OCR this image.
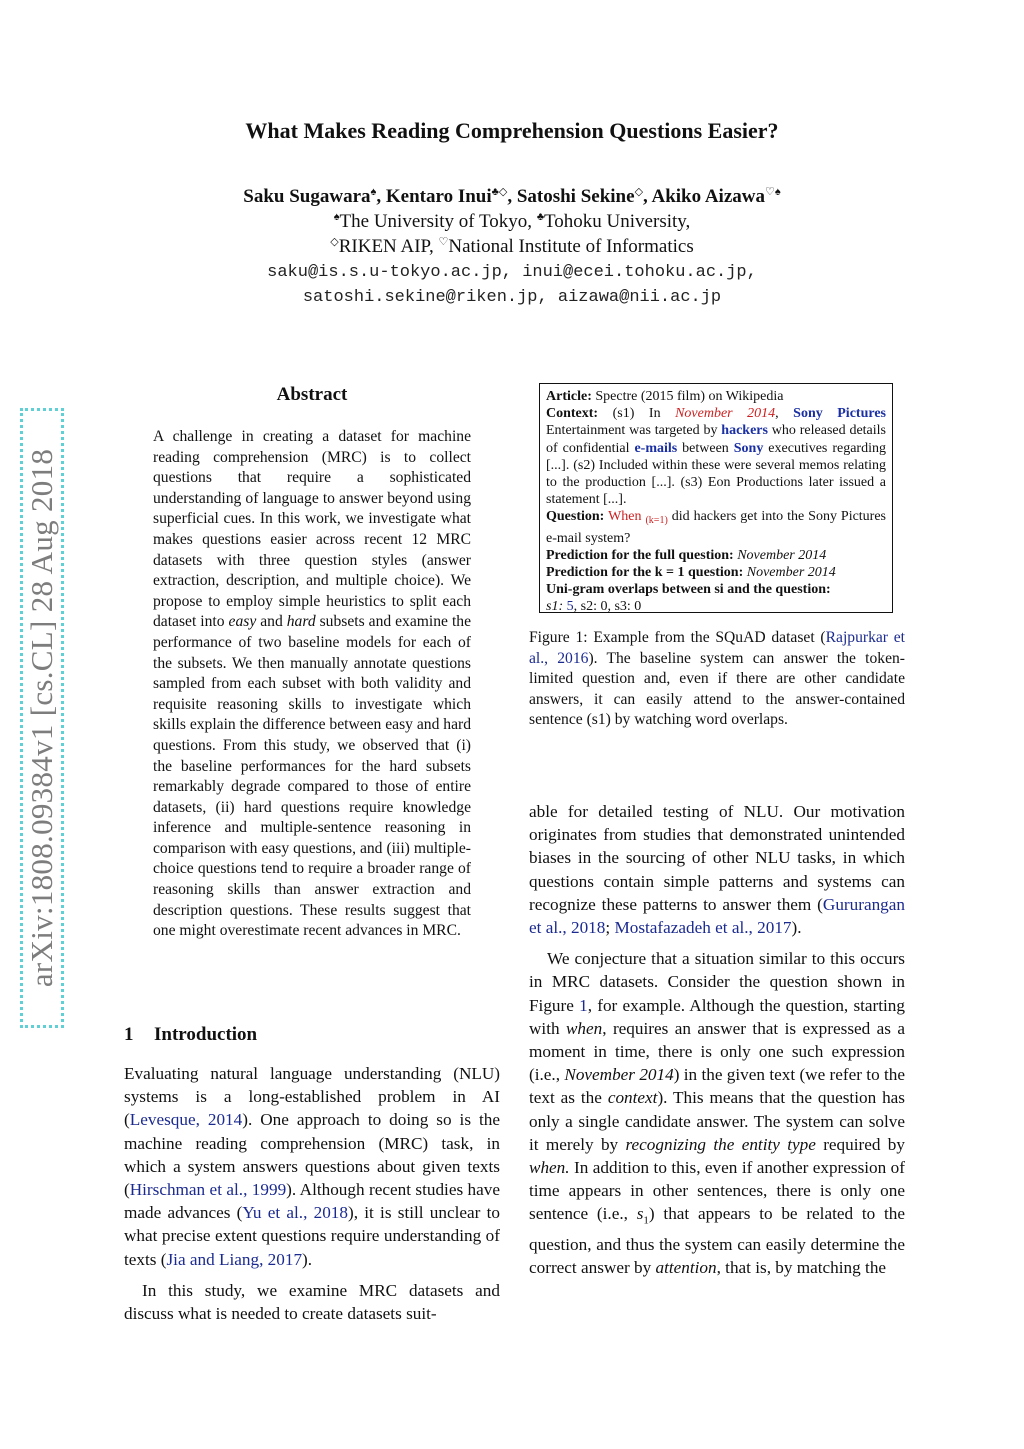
arXiv:1808.09384v1 [cs.CL] 28 Aug 2018
What Makes Reading Comprehension Questions Easier?
Saku Sugawara♠, Kentaro Inui♣◇, Satoshi Sekine◇, Akiko Aizawa♡♠
♠The University of Tokyo, ♣Tohoku University,
◇RIKEN AIP, ♡National Institute of Informatics
saku@is.s.u-tokyo.ac.jp, inui@ecei.tohoku.ac.jp,
satoshi.sekine@riken.jp, aizawa@nii.ac.jp
Abstract
A challenge in creating a dataset for machine reading comprehension (MRC) is to collect questions that require a sophisticated understanding of language to answer beyond using superficial cues. In this work, we investigate what makes questions easier across recent 12 MRC datasets with three question styles (answer extraction, description, and multiple choice). We propose to employ simple heuristics to split each dataset into easy and hard subsets and examine the performance of two baseline models for each of the subsets. We then manually annotate questions sampled from each subset with both validity and requisite reasoning skills to investigate which skills explain the difference between easy and hard questions. From this study, we observed that (i) the baseline performances for the hard subsets remarkably degrade compared to those of entire datasets, (ii) hard questions require knowledge inference and multiple-sentence reasoning in comparison with easy questions, and (iii) multiple-choice questions tend to require a broader range of reasoning skills than answer extraction and description questions. These results suggest that one might overestimate recent advances in MRC.
1 Introduction

Evaluating natural language understanding (NLU) systems is a long-established problem in AI (Levesque, 2014). One approach to doing so is the machine reading comprehension (MRC) task, in which a system answers questions about given texts (Hirschman et al., 1999). Although recent studies have made advances (Yu et al., 2018), it is still unclear to what precise extent questions require understanding of texts (Jia and Liang, 2017).

In this study, we examine MRC datasets and discuss what is needed to create datasets suit-

Article: Spectre (2015 film) on Wikipedia

Context: (s1) In November 2014, Sony Pictures Entertainment was targeted by hackers who released details of confidential e-mails between Sony executives regarding [...]. (s2) Included within these were several memos relating to the production [...]. (s3) Eon Productions later issued a statement [...].

Question: When $_{(k=1)}$ did hackers get into the Sony Pictures e-mail system?

Prediction for the full question: November 2014

Prediction for the k = 1 question: November 2014

Uni-gram overlaps between si and the question:

s1: 5, s2: 0, s3: 0

Figure 1: Example from the SQuAD dataset (Rajpurkar et al., 2016). The baseline system can answer the token-limited question and, even if there are other candidate answers, it can easily attend to the answer-contained sentence (s1) by watching word overlaps.

able for detailed testing of NLU. Our motivation originates from studies that demonstrated unintended biases in the sourcing of other NLU tasks, in which questions contain simple patterns and systems can recognize these patterns to answer them (Gururangan et al., 2018; Mostafazadeh et al., 2017).

We conjecture that a situation similar to this occurs in MRC datasets. Consider the question shown in Figure 1, for example. Although the question, starting with when, requires an answer that is expressed as a moment in time, there is only one such expression (i.e., November 2014) in the given text (we refer to the text as the context). This means that the question has only a single candidate answer. The system can solve it merely by recognizing the entity type required by when. In addition to this, even if another expression of time appears in other sentences, there is only one sentence (i.e., $s_1$) that appears to be related to the question, and thus the system can easily determine the correct answer by attention, that is, by matching the
